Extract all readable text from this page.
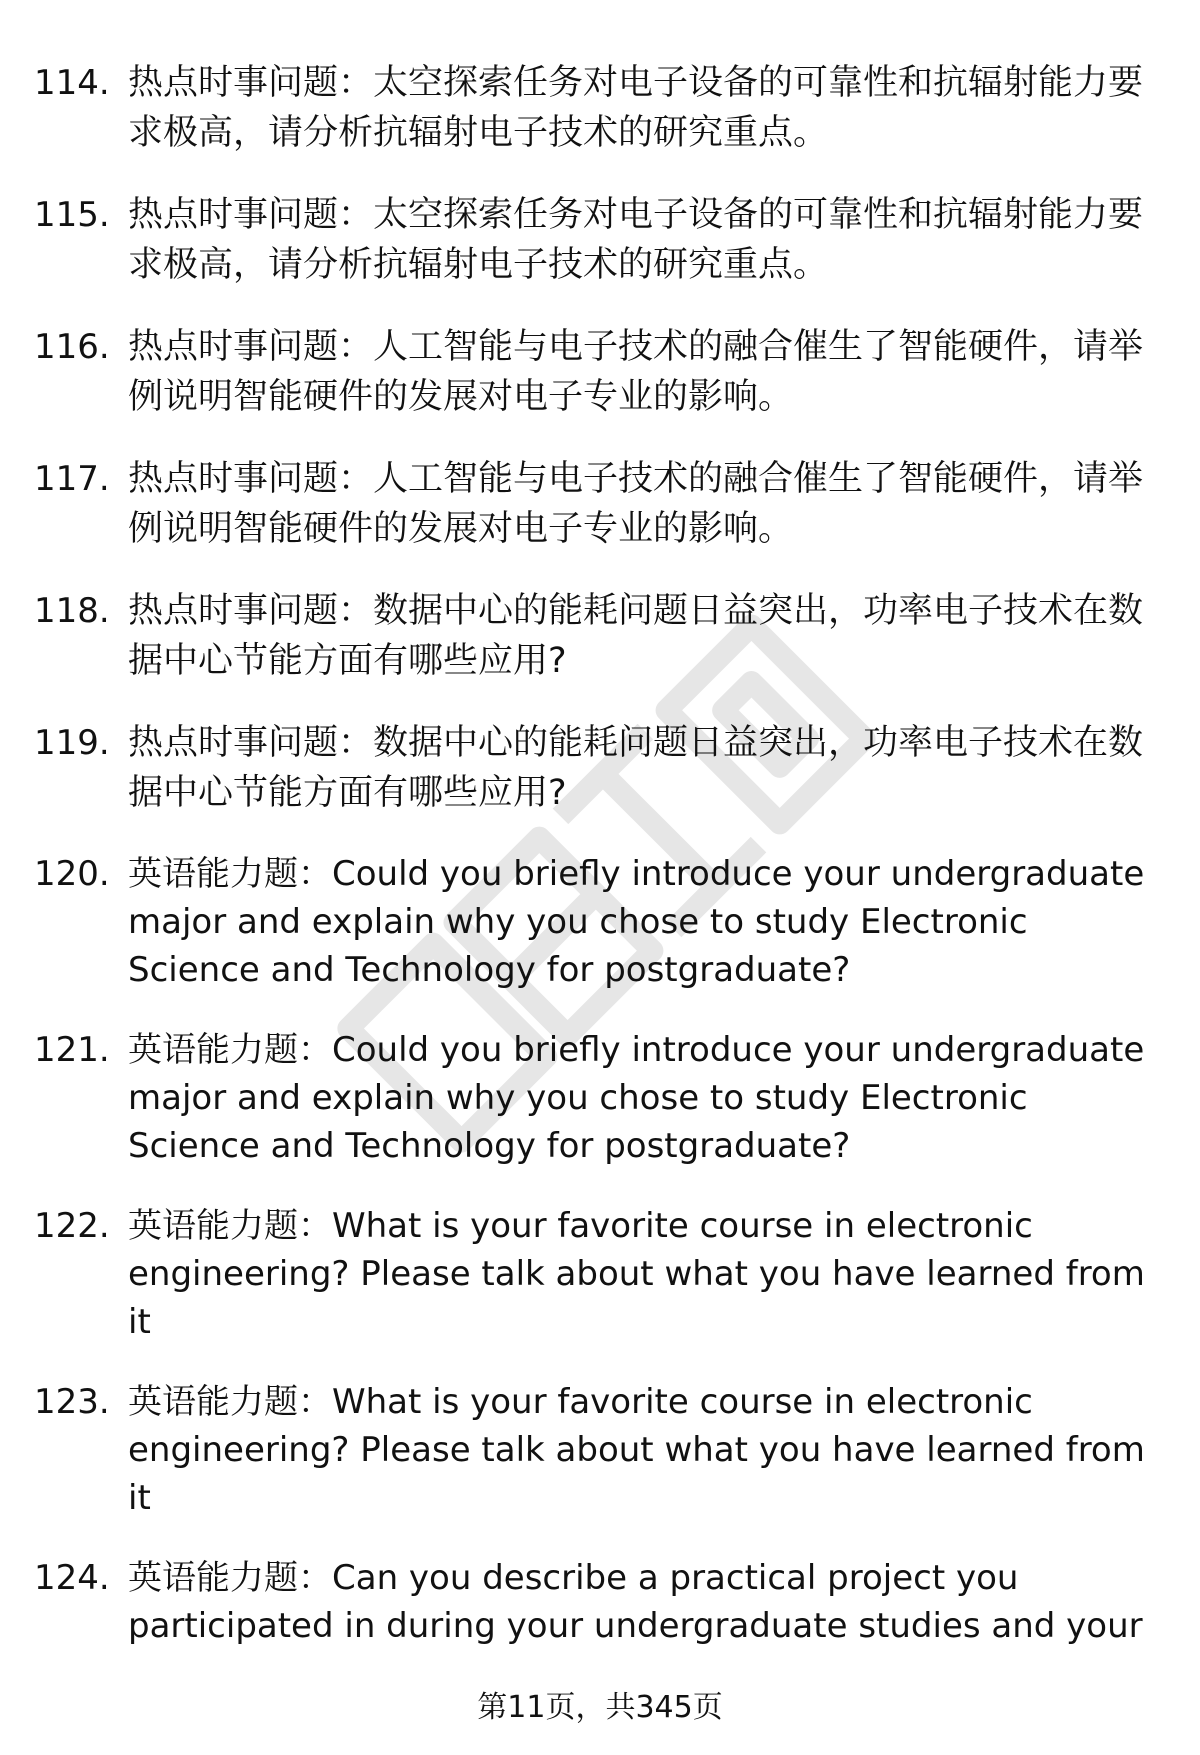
114. 热点时事问题：太空探索任务对电子设备的可靠性和抗辐射能力要求极高，请分析抗辐射电子技术的研究重点。
115. 热点时事问题：太空探索任务对电子设备的可靠性和抗辐射能力要求极高，请分析抗辐射电子技术的研究重点。
116. 热点时事问题：人工智能与电子技术的融合催生了智能硬件，请举例说明智能硬件的发展对电子专业的影响。
117. 热点时事问题：人工智能与电子技术的融合催生了智能硬件，请举例说明智能硬件的发展对电子专业的影响。
118. 热点时事问题：数据中心的能耗问题日益突出，功率电子技术在数据中心节能方面有哪些应用?
119. 热点时事问题：数据中心的能耗问题日益突出，功率电子技术在数据中心节能方面有哪些应用?
120. 英语能力题：Could you briefly introduce your undergraduate major and explain why you chose to study Electronic Science and Technology for postgraduate?
121. 英语能力题：Could you briefly introduce your undergraduate major and explain why you chose to study Electronic Science and Technology for postgraduate?
122. 英语能力题：What is your favorite course in electronic engineering? Please talk about what you have learned from it
123. 英语能力题：What is your favorite course in electronic engineering? Please talk about what you have learned from it
124. 英语能力题：Can you describe a practical project you participated in during your undergraduate studies and your
第11页，共345页
